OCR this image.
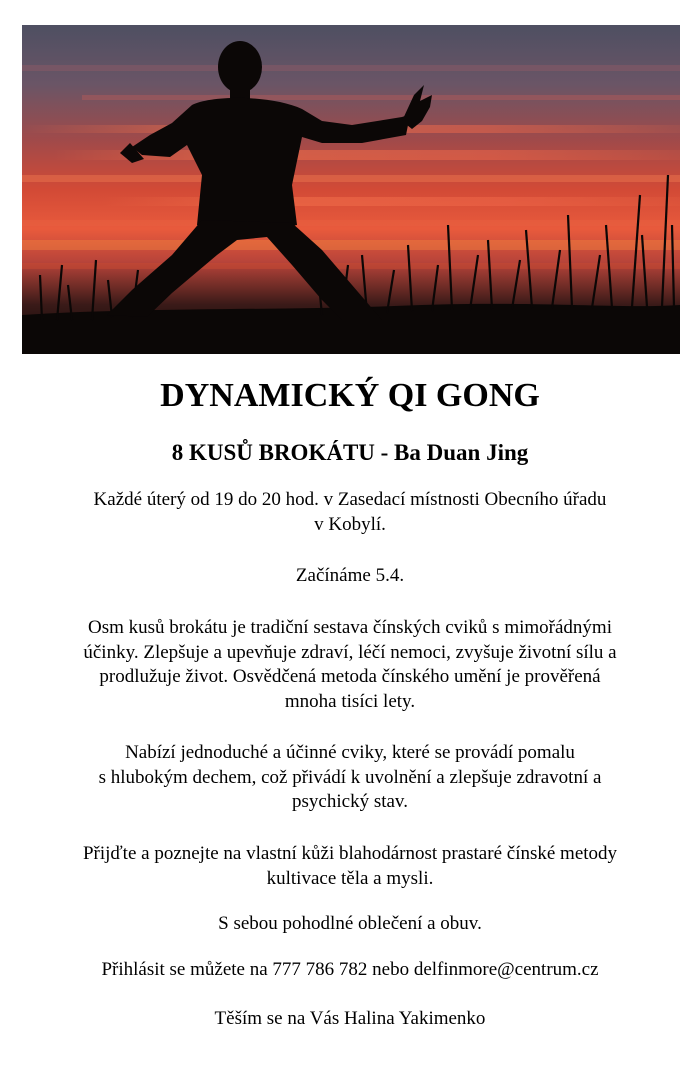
DYNAMICKÝ QI GONG
8 KUSŮ BROKÁTU - Ba Duan Jing
Každé úterý od 19 do 20 hod. v Zasedací místnosti Obecního úřadu
v Kobylí.
Začínáme 5.4.
Osm kusů brokátu je tradiční sestava čínských cviků s mimořádnými
účinky. Zlepšuje a upevňuje zdraví, léčí nemoci, zvyšuje životní sílu a
prodlužuje život. Osvědčená metoda čínského umění je prověřená
mnoha tisíci lety.
Nabízí jednoduché a účinné cviky, které se provádí pomalu
s hlubokým dechem, což přivádí k uvolnění a zlepšuje zdravotní a
psychický stav.
Přijďte a poznejte na vlastní kůži blahodárnost prastaré čínské metody
kultivace těla a mysli.
S sebou pohodlné oblečení a obuv.
Přihlásit se můžete na 777 786 782 nebo delfinmore@centrum.cz
Těším se na Vás Halina Yakimenko
